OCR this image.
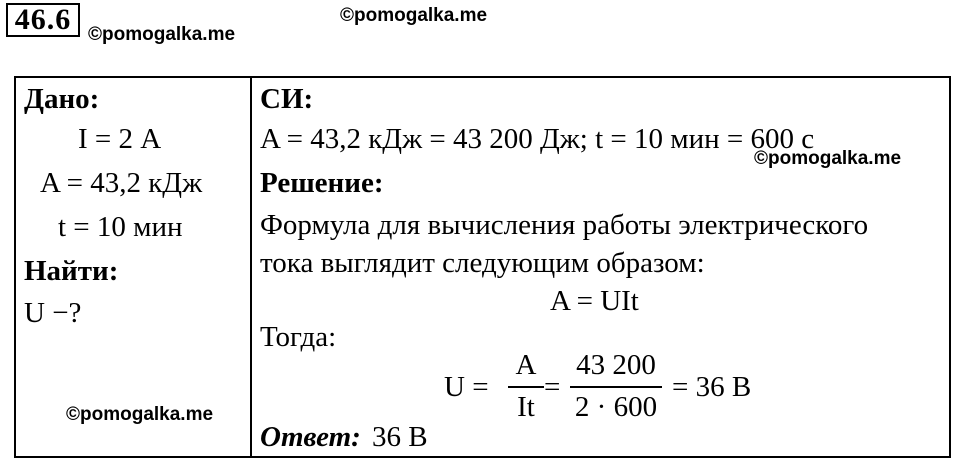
46.6 ©pomogalka.me
©pomogalka.me
Дано:
I = 2 А
A = 43,2 кДж
t = 10 мин
Найти:
U −?
©pomogalka.me
СИ:
A = 43,2 кДж = 43 200 Дж; t = 10 мин = 600 с
©pomogalka.me
Решение:
Формула для вычисления работы электрического
тока выглядит следующим образом:
A = UIt
Тогда:
U =
A
It
=
43 200
2 · 600
= 36 В
Ответ: 36 В
